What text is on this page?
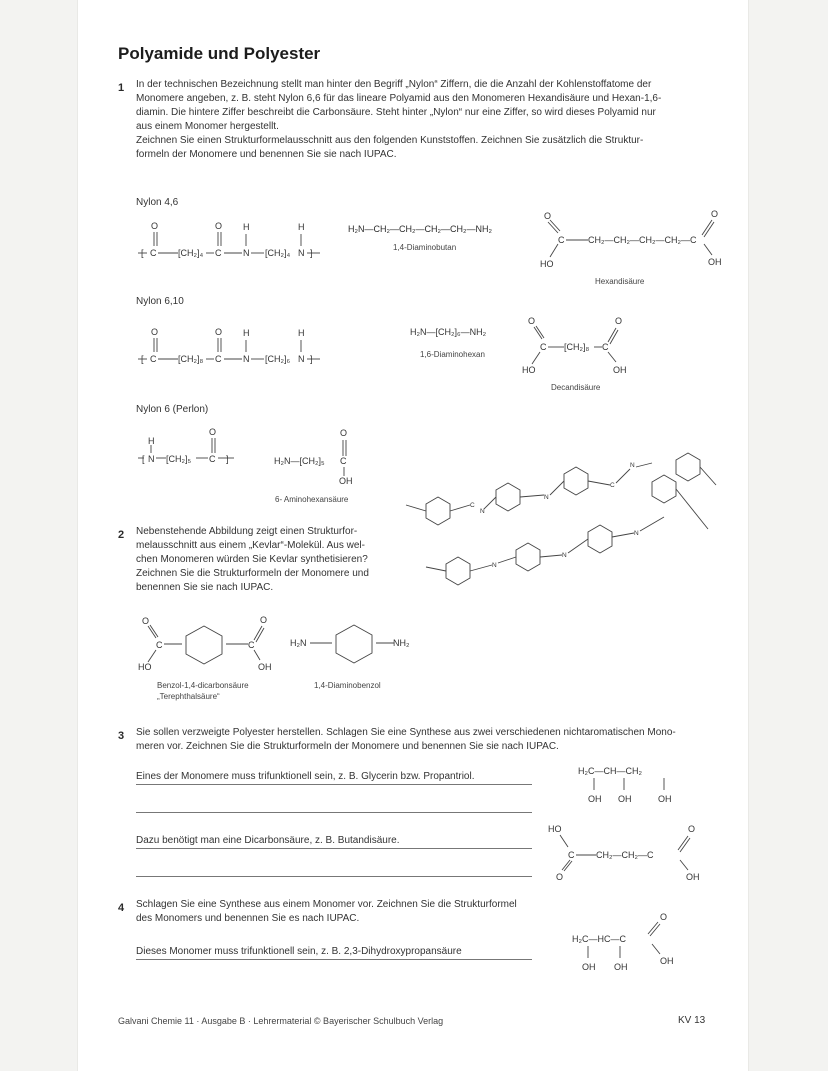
Polyamide und Polyester
1 In der technischen Bezeichnung stellt man hinter den Begriff „Nylon“ Ziffern, die die Anzahl der Kohlenstoffatome der
Monomere angeben, z. B. steht Nylon 6,6 für das lineare Polyamid aus den Monomeren Hexandisäure und Hexan-1,6-
diamin. Die hintere Ziffer beschreibt die Carbonsäure. Steht hinter „Nylon“ nur eine Ziffer, so wird dieses Polyamid nur
aus einem Monomer hergestellt.
Zeichnen Sie einen Strukturformelausschnitt aus den folgenden Kunststoffen. Zeichnen Sie zusätzlich die Struktur-
formeln der Monomere und benennen Sie sie nach IUPAC.
Nylon 4,6
[ C
O
[CH₂]₄ C
O
N
H
[CH₂]₄ N
H
]
H₂N—CH₂—CH₂—CH₂—CH₂—NH₂
1,4-Diaminobutan
O
C
HO
CH₂—CH₂—CH₂—CH₂—C
O
OH
Hexandisäure
Nylon 6,10
[ C
O
[CH₂]₈ C
O
N
H
[CH₂]₆ N
H
]
H₂N—[CH₂]₆—NH₂
1,6-Diaminohexan
O
C
HO
[CH₂]₈ C
O
OH
Decandisäure
Nylon 6 (Perlon)
[ N
H
[CH₂]₅ C
O
]	H₂N—[CH₂]₅ C
O
OH
6- Aminohexansäure
C
N
N
C
N
N
N
N
2 Nebenstehende Abbildung zeigt einen Strukturfor-
melausschnitt aus einem „Kevlar“-Molekül. Aus wel-
chen Monomeren würden Sie Kevlar synthetisieren?
Zeichnen Sie die Strukturformeln der Monomere und
benennen Sie sie nach IUPAC.
O
C
HO
C
O
OH
Benzol-1,4-dicarbonsäure
„Terephthalsäure“
H₂N	NH₂
1,4-Diaminobenzol
3 Sie sollen verzweigte Polyester herstellen. Schlagen Sie eine Synthese aus zwei verschiedenen nichtaromatischen Mono-
meren vor. Zeichnen Sie die Strukturformeln der Monomere und benennen Sie sie nach IUPAC.
Eines der Monomere muss trifunktionell sein, z. B. Glycerin bzw. Propantriol.	H₂C—CH—CH₂
OH OH	OH
Dazu benötigt man eine Dicarbonsäure, z. B. Butandisäure.
HO
C
O
CH₂—CH₂—C
O
OH
4 Schlagen Sie eine Synthese aus einem Monomer vor. Zeichnen Sie die Strukturformel
des Monomers und benennen Sie es nach IUPAC.
Dieses Monomer muss trifunktionell sein, z. B. 2,3-Dihydroxypropansäure
H₂C—HC—C
O
OH
OH OH
Galvani Chemie 11 · Ausgabe B · Lehrermaterial © Bayerischer Schulbuch Verlag	KV 13
